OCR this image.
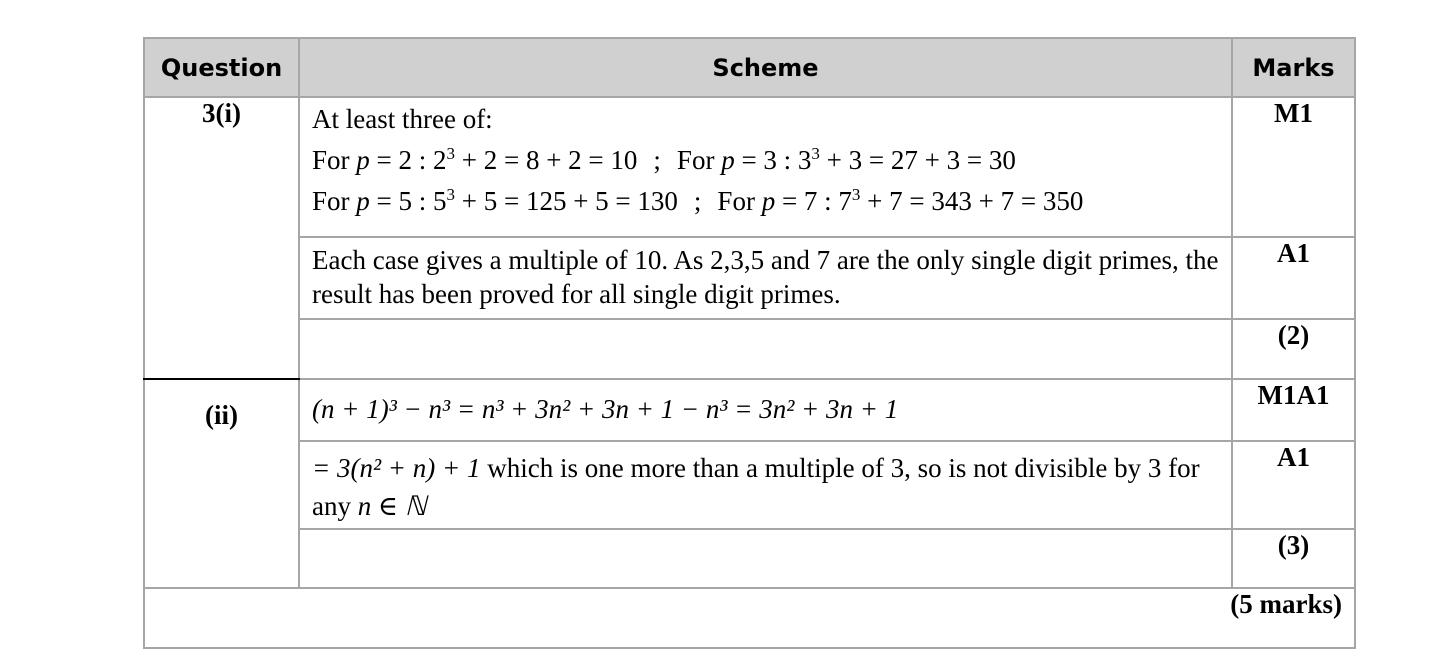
Question	Scheme	Marks
3(i)	At least three of:
For p = 2 : $2^3 + 2 = 8 + 2 = 10$ ; For p = 3 : $3^3 + 3 = 27 + 3 = 30$
For p = 5 : $5^3 + 5 = 125 + 5 = 130$ ; For p = 7 : $7^3 + 7 = 343 + 7 = 350$	M1
	Each case gives a multiple of 10. As 2,3,5 and 7 are the only single digit primes, the result has been proved for all single digit primes.	A1
		(2)
(ii)	(n + 1)³ − n³ = n³ + 3n² + 3n + 1 − n³ = 3n² + 3n + 1	M1A1
	= 3(n² + n) + 1 which is one more than a multiple of 3, so is not divisible by 3 for any n ∈ ℕ	A1
		(3)
(5 marks)		
